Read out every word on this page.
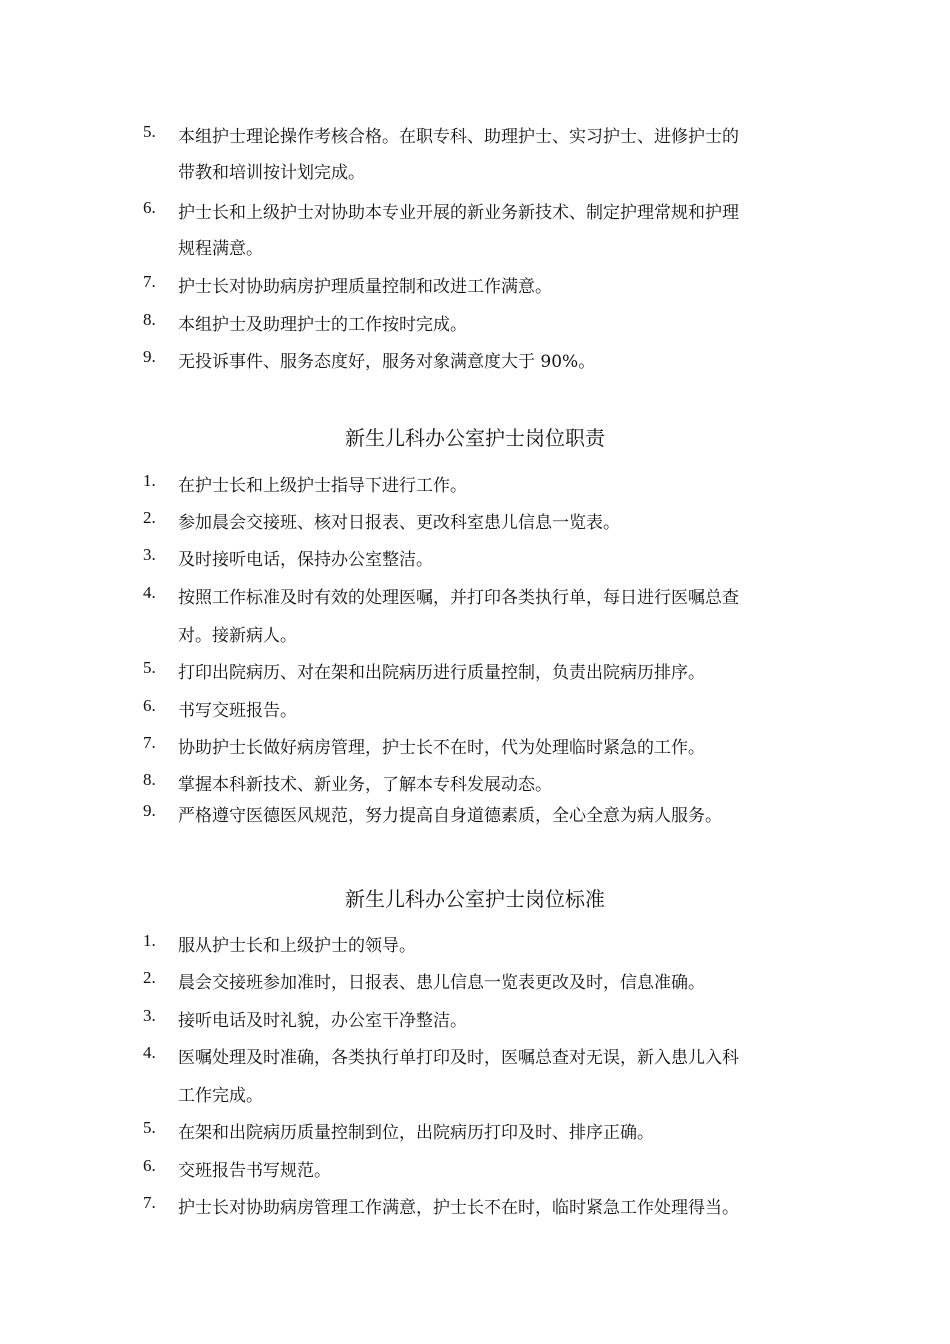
5. 本组护士理论操作考核合格。在职专科、助理护士、实习护士、进修护士的
带教和培训按计划完成。
6. 护士长和上级护士对协助本专业开展的新业务新技术、制定护理常规和护理
规程满意。
7. 护士长对协助病房护理质量控制和改进工作满意。
8. 本组护士及助理护士的工作按时完成。
9. 无投诉事件、服务态度好，服务对象满意度大于 90%。
新生儿科办公室护士岗位职责
1. 在护士长和上级护士指导下进行工作。
2. 参加晨会交接班、核对日报表、更改科室患儿信息一览表。
3. 及时接听电话，保持办公室整洁。
4. 按照工作标准及时有效的处理医嘱，并打印各类执行单，每日进行医嘱总查
对。接新病人。
5. 打印出院病历、对在架和出院病历进行质量控制，负责出院病历排序。
6. 书写交班报告。
7. 协助护士长做好病房管理，护士长不在时，代为处理临时紧急的工作。
8. 掌握本科新技术、新业务，了解本专科发展动态。
9. 严格遵守医德医风规范，努力提高自身道德素质，全心全意为病人服务。
新生儿科办公室护士岗位标准
1. 服从护士长和上级护士的领导。
2. 晨会交接班参加准时，日报表、患儿信息一览表更改及时，信息准确。
3. 接听电话及时礼貌，办公室干净整洁。
4. 医嘱处理及时准确，各类执行单打印及时，医嘱总查对无误，新入患儿入科
工作完成。
5. 在架和出院病历质量控制到位，出院病历打印及时、排序正确。
6. 交班报告书写规范。
7. 护士长对协助病房管理工作满意，护士长不在时，临时紧急工作处理得当。
